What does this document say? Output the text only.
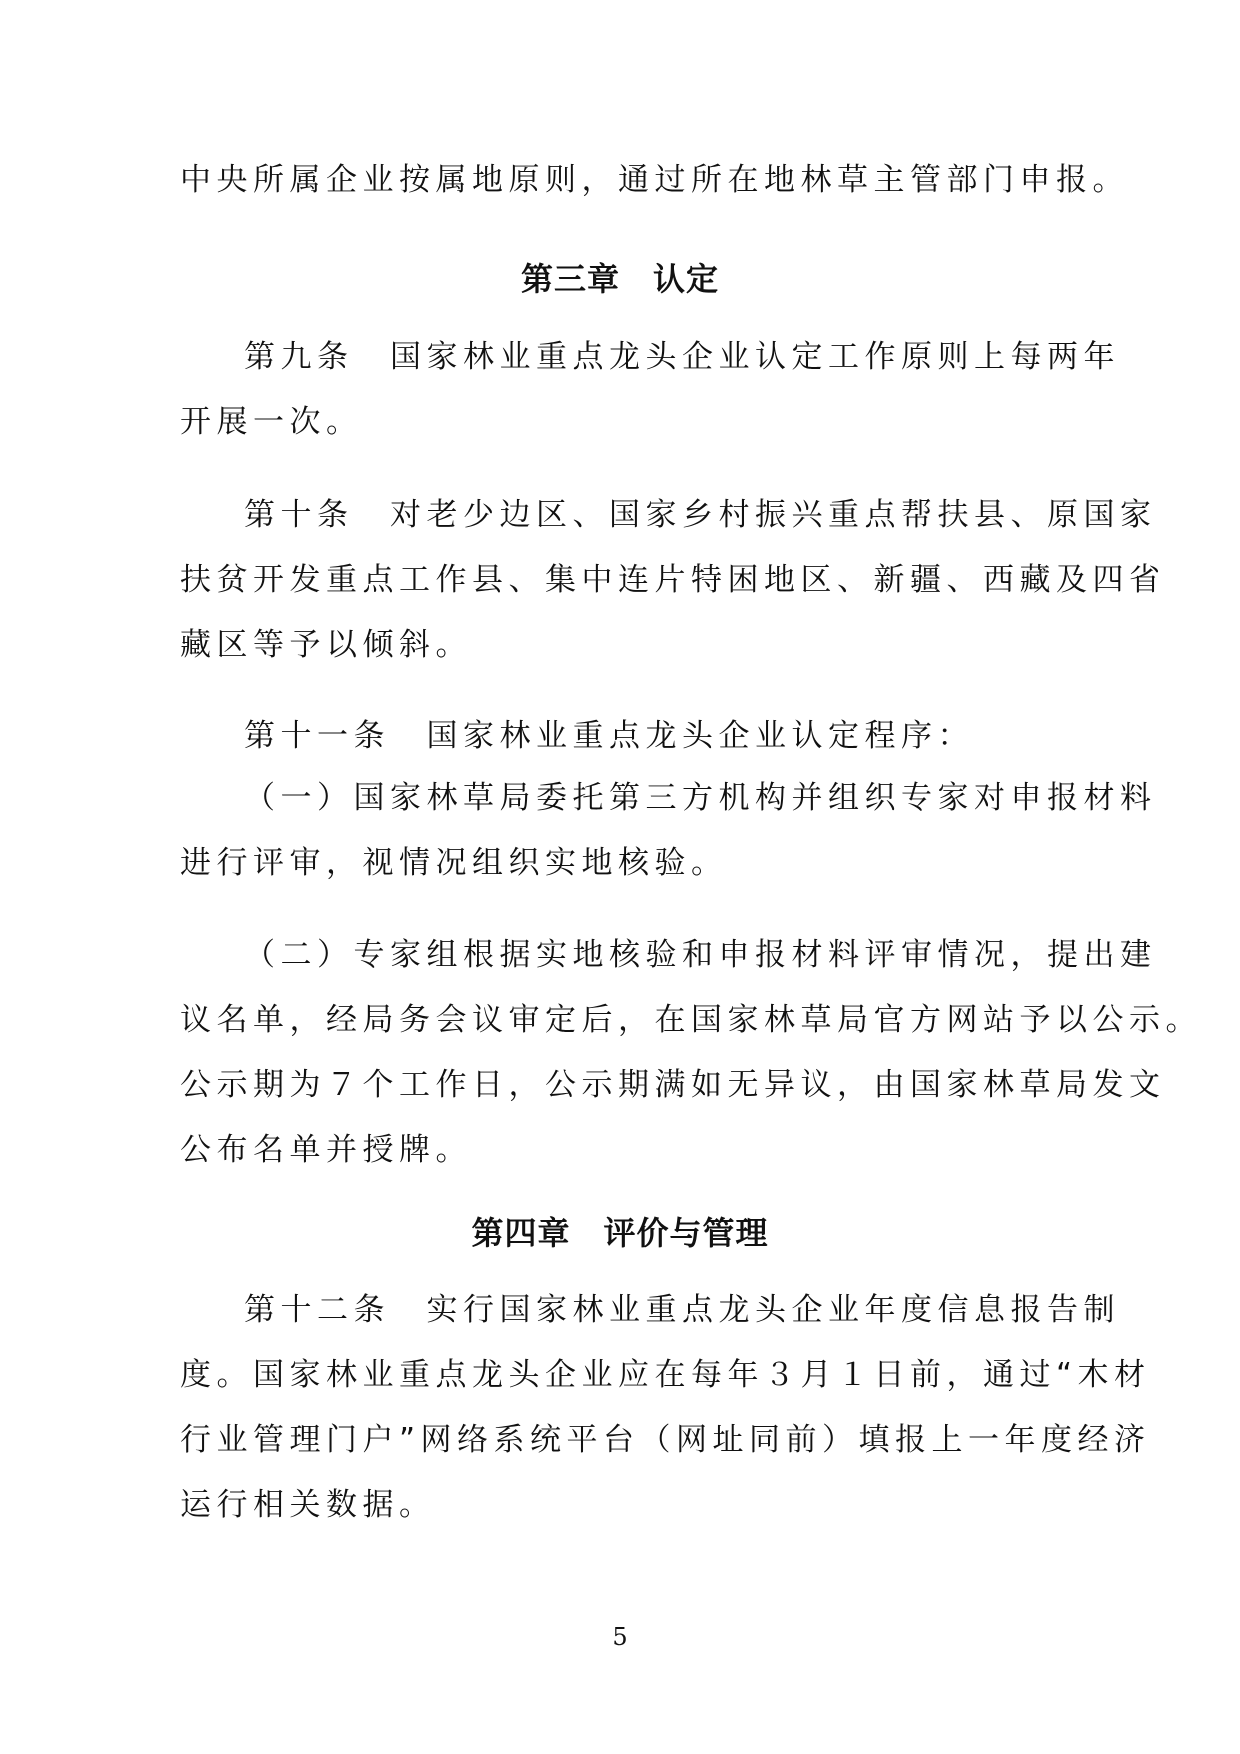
中央所属企业按属地原则，通过所在地林草主管部门申报。
第三章　认定
第九条　国家林业重点龙头企业认定工作原则上每两年
开展一次。
第十条　对老少边区、国家乡村振兴重点帮扶县、原国家
扶贫开发重点工作县、集中连片特困地区、新疆、西藏及四省
藏区等予以倾斜。
第十一条　国家林业重点龙头企业认定程序：
（一）国家林草局委托第三方机构并组织专家对申报材料
进行评审，视情况组织实地核验。
（二）专家组根据实地核验和申报材料评审情况，提出建
议名单，经局务会议审定后，在国家林草局官方网站予以公示。
公示期为７个工作日，公示期满如无异议，由国家林草局发文
公布名单并授牌。
第四章　评价与管理
第十二条　实行国家林业重点龙头企业年度信息报告制
度。国家林业重点龙头企业应在每年３月１日前，通过“木材
行业管理门户”网络系统平台（网址同前）填报上一年度经济
运行相关数据。
5
